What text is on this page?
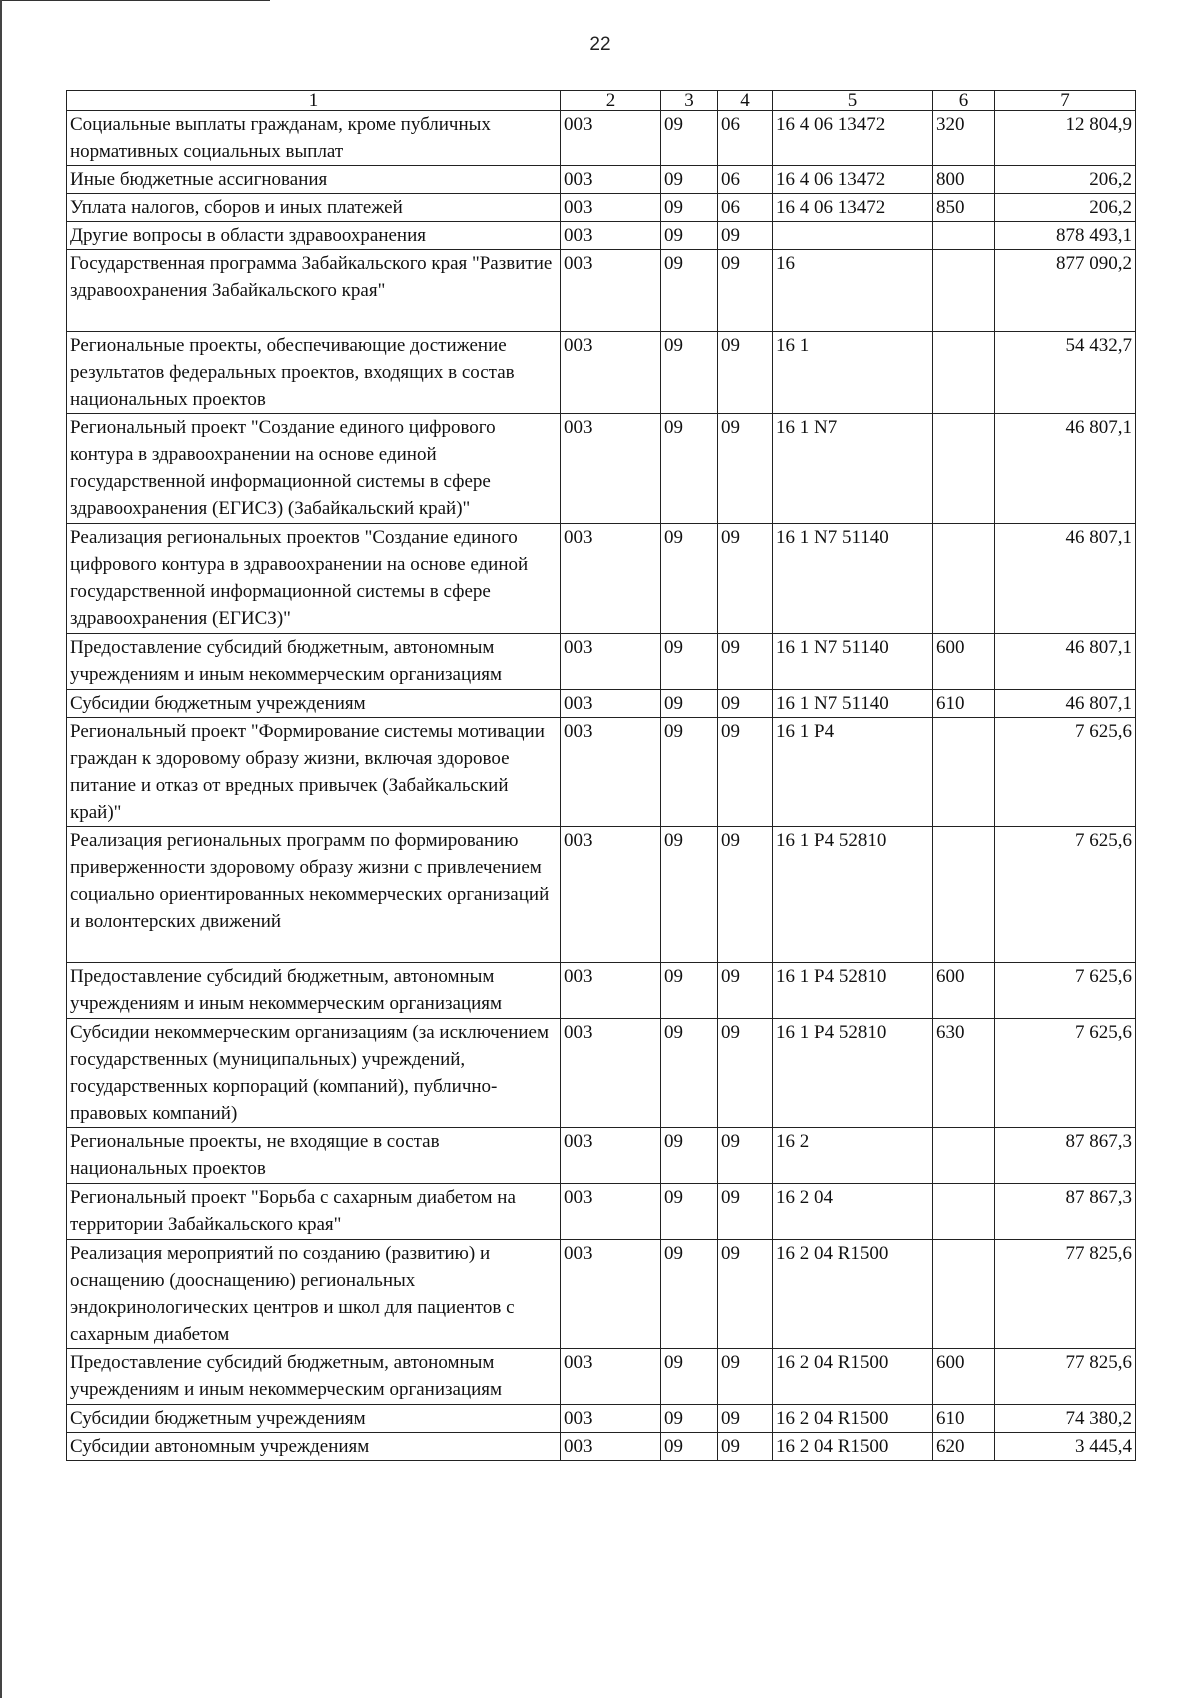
22
1	2	3	4	5	6	7
Социальные выплаты гражданам, кроме публичных нормативных социальных выплат	003	09	06	16 4 06 13472	320	12 804,9
Иные бюджетные ассигнования	003	09	06	16 4 06 13472	800	206,2
Уплата налогов, сборов и иных платежей	003	09	06	16 4 06 13472	850	206,2
Другие вопросы в области здравоохранения	003	09	09			878 493,1
Государственная программа Забайкальского края "Развитие здравоохранения Забайкальского края"	003	09	09	16		877 090,2
Региональные проекты, обеспечивающие достижение результатов федеральных проектов, входящих в состав национальных проектов	003	09	09	16 1		54 432,7
Региональный проект "Создание единого цифрового контура в здравоохранении на основе единой государственной информационной системы в сфере здравоохранения (ЕГИСЗ) (Забайкальский край)"	003	09	09	16 1 N7		46 807,1
Реализация региональных проектов "Создание единого цифрового контура в здравоохранении на основе единой государственной информационной системы в сфере здравоохранения (ЕГИСЗ)"	003	09	09	16 1 N7 51140		46 807,1
Предоставление субсидий бюджетным, автономным учреждениям и иным некоммерческим организациям	003	09	09	16 1 N7 51140	600	46 807,1
Субсидии бюджетным учреждениям	003	09	09	16 1 N7 51140	610	46 807,1
Региональный проект "Формирование системы мотивации граждан к здоровому образу жизни, включая здоровое питание и отказ от вредных привычек (Забайкальский край)"	003	09	09	16 1 P4		7 625,6
Реализация региональных программ по формированию приверженности здоровому образу жизни с привлечением социально ориентированных некоммерческих организаций и волонтерских движений	003	09	09	16 1 P4 52810		7 625,6
Предоставление субсидий бюджетным, автономным учреждениям и иным некоммерческим организациям	003	09	09	16 1 P4 52810	600	7 625,6
Субсидии некоммерческим организациям (за исключением государственных (муниципальных) учреждений, государственных корпораций (компаний), публично-правовых компаний)	003	09	09	16 1 P4 52810	630	7 625,6
Региональные проекты, не входящие в состав национальных проектов	003	09	09	16 2		87 867,3
Региональный проект "Борьба с сахарным диабетом на территории Забайкальского края"	003	09	09	16 2 04		87 867,3
Реализация мероприятий по созданию (развитию) и оснащению (дооснащению) региональных эндокринологических центров и школ для пациентов с сахарным диабетом	003	09	09	16 2 04 R1500		77 825,6
Предоставление субсидий бюджетным, автономным учреждениям и иным некоммерческим организациям	003	09	09	16 2 04 R1500	600	77 825,6
Субсидии бюджетным учреждениям	003	09	09	16 2 04 R1500	610	74 380,2
Субсидии автономным учреждениям	003	09	09	16 2 04 R1500	620	3 445,4
